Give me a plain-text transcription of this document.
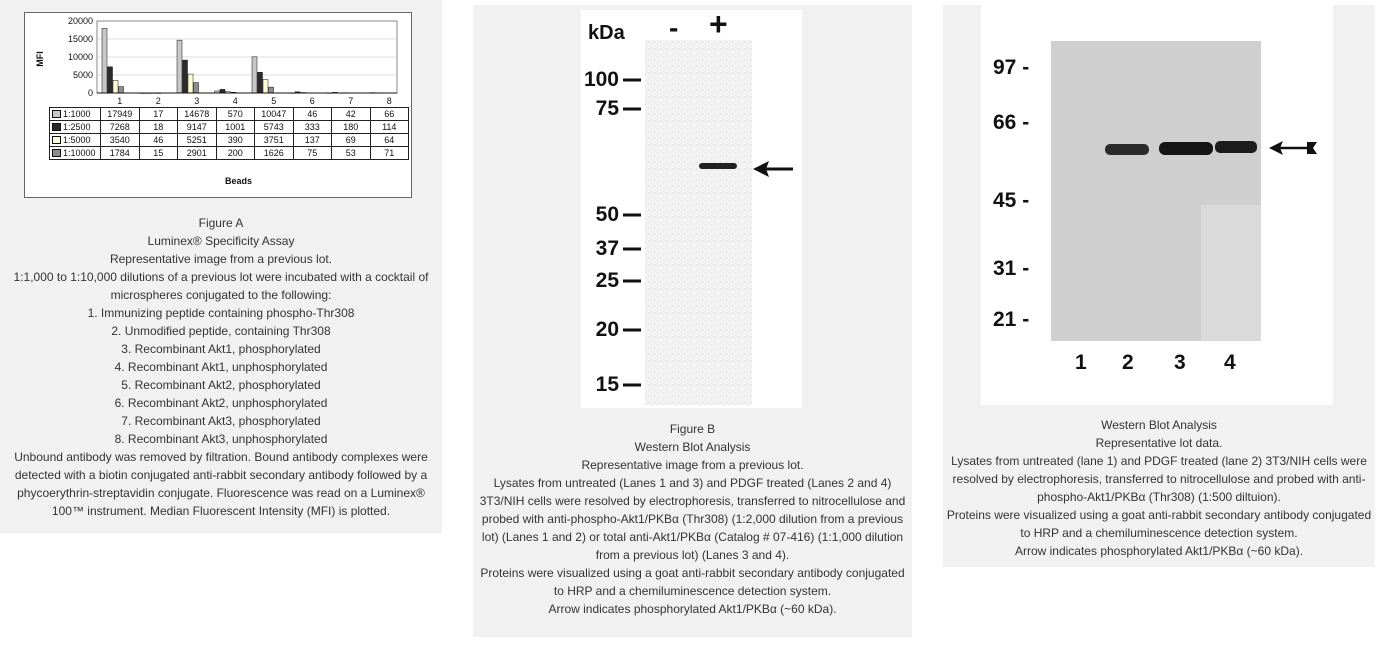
MFI
20000
15000
10000
5000
0
	1	2	3	4	5	6	7	8
1:1000	17949	17	14678	570	10047	46	42	66
1:2500	7268	18	9147	1001	5743	333	180	114
1:5000	3540	46	5251	390	3751	137	69	64
1:10000	1784	15	2901	200	1626	75	53	71
Beads
Figure A
Luminex® Specificity Assay
Representative image from a previous lot.
1:1,000 to 1:10,000 dilutions of a previous lot were incubated with a cocktail of microspheres conjugated to the following:
1. Immunizing peptide containing phospho-Thr308
2. Unmodified peptide, containing Thr308
3. Recombinant Akt1, phosphorylated
4. Recombinant Akt1, unphosphorylated
5. Recombinant Akt2, phosphorylated
6. Recombinant Akt2, unphosphorylated
7. Recombinant Akt3, phosphorylated
8. Recombinant Akt3, unphosphorylated
Unbound antibody was removed by filtration. Bound antibody complexes were detected with a biotin conjugated anti-rabbit secondary antibody followed by a phycoerythrin-streptavidin conjugate. Fluorescence was read on a Luminex® 100™ instrument. Median Fluorescent Intensity (MFI) is plotted.
kDa - +
100
75
50
37
25
20
15
Figure B
Western Blot Analysis
Representative image from a previous lot.
Lysates from untreated (Lanes 1 and 3) and PDGF treated (Lanes 2 and 4) 3T3/NIH cells were resolved by electrophoresis, transferred to nitrocellulose and probed with anti-phospho-Akt1/PKBα (Thr308) (1:2,000 dilution from a previous lot) (Lanes 1 and 2) or total anti-Akt1/PKBα (Catalog # 07-416) (1:1,000 dilution from a previous lot) (Lanes 3 and 4).
Proteins were visualized using a goat anti-rabbit secondary antibody conjugated to HRP and a chemiluminescence detection system.
Arrow indicates phosphorylated Akt1/PKBα (~60 kDa).
97 -
66 -
45 -
31 -
21 -
1 2 3 4
Western Blot Analysis
Representative lot data.
Lysates from untreated (lane 1) and PDGF treated (lane 2) 3T3/NIH cells were resolved by electrophoresis, transferred to nitrocellulose and probed with anti-phospho-Akt1/PKBα (Thr308) (1:500 diltuion).
Proteins were visualized using a goat anti-rabbit secondary antibody conjugated to HRP and a chemiluminescence detection system.
Arrow indicates phosphorylated Akt1/PKBα (~60 kDa).
